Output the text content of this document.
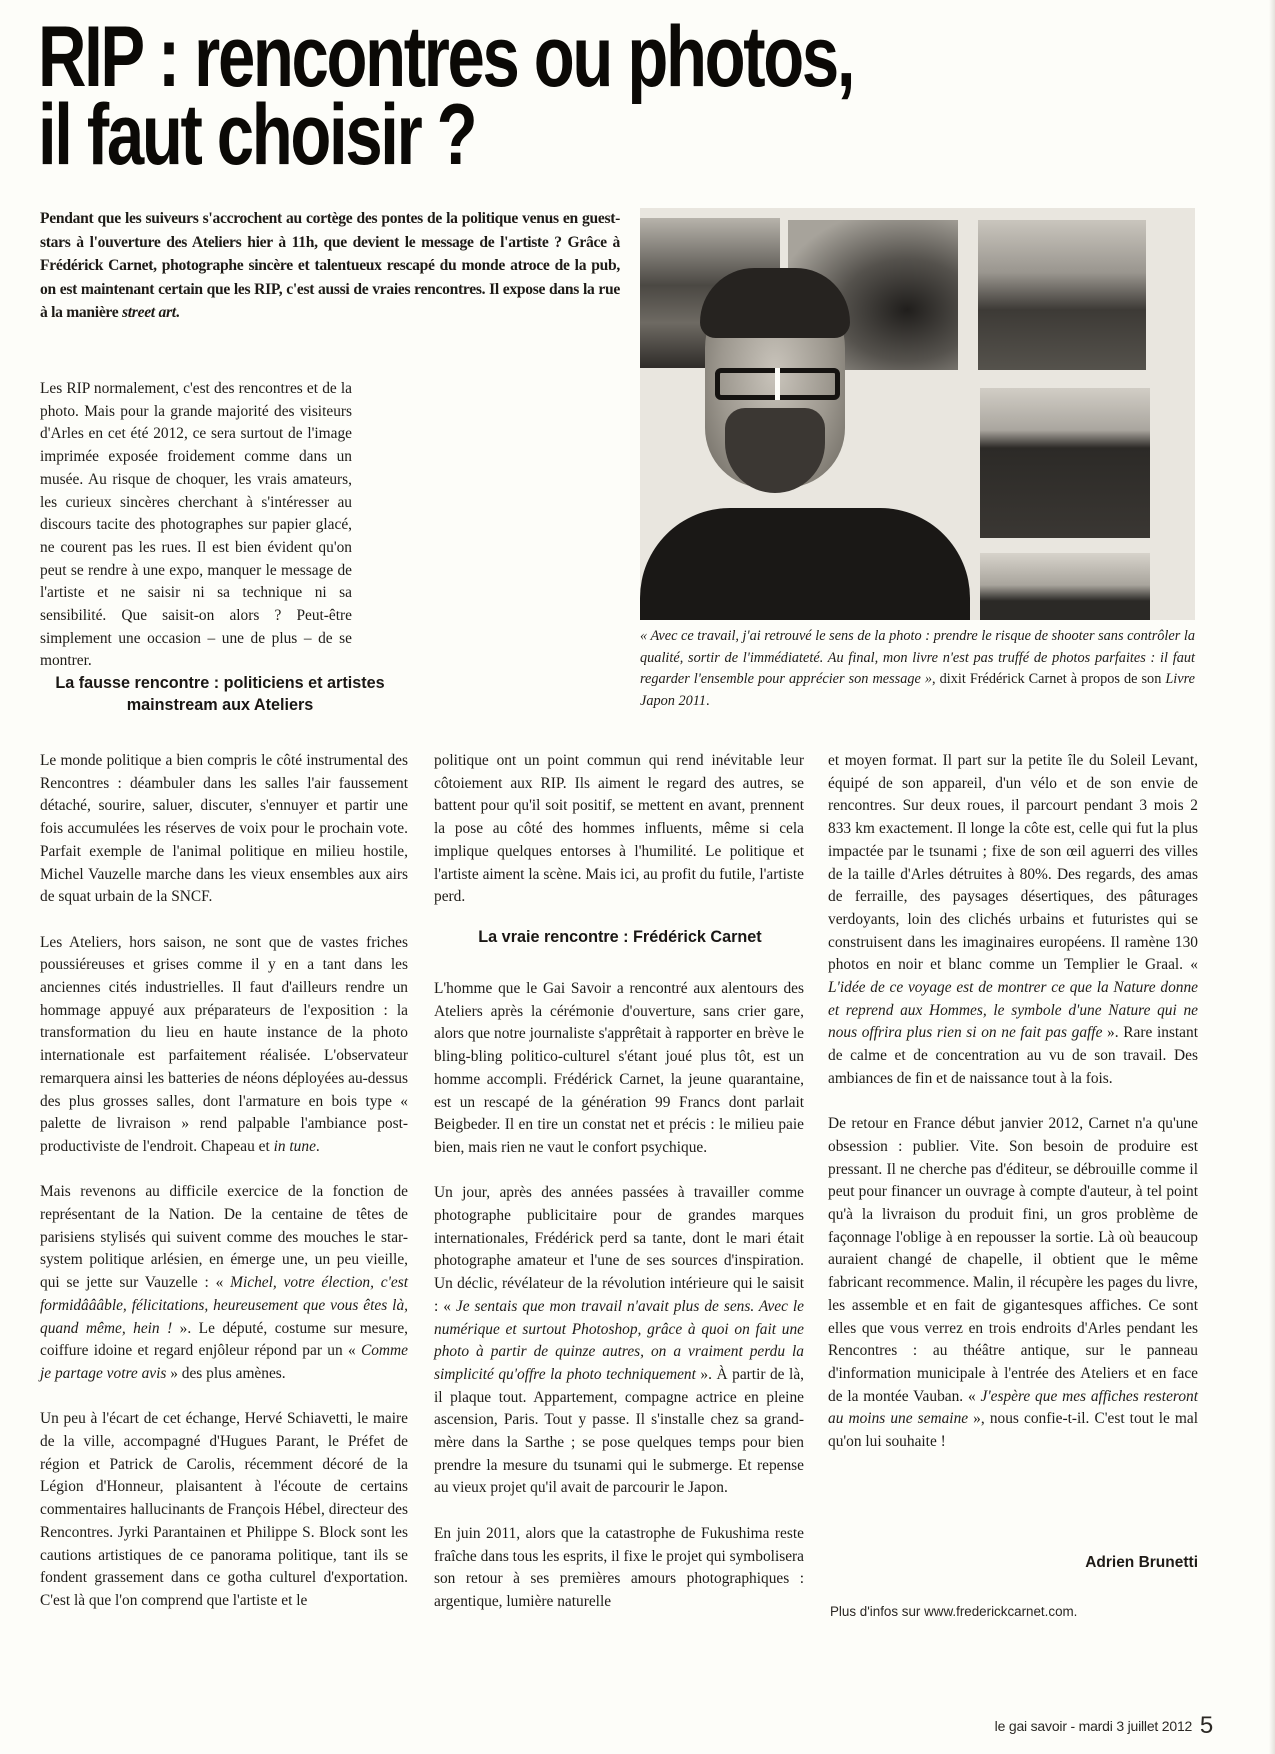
RIP : rencontres ou photos,
il faut choisir ?

Pendant que les suiveurs s'accrochent au cortège des pontes de la politique venus en guest-stars à l'ouverture des Ateliers hier à 11h, que devient le message de l'artiste ? Grâce à Frédérick Carnet, photographe sincère et talentueux rescapé du monde atroce de la pub, on est maintenant certain que les RIP, c'est aussi de vraies rencontres. Il expose dans la rue à la manière street art.

Les RIP normalement, c'est des rencontres et de la photo. Mais pour la grande majorité des visiteurs d'Arles en cet été 2012, ce sera surtout de l'image imprimée exposée froidement comme dans un musée. Au risque de choquer, les vrais amateurs, les curieux sincères cherchant à s'intéresser au discours tacite des photographes sur papier glacé, ne courent pas les rues. Il est bien évident qu'on peut se rendre à une expo, manquer le message de l'artiste et ne saisir ni sa technique ni sa sensibilité. Que saisit-on alors ? Peut-être simplement une occasion – une de plus – de se montrer.

« Avec ce travail, j'ai retrouvé le sens de la photo : prendre le risque de shooter sans contrôler la qualité, sortir de l'immédiateté. Au final, mon livre n'est pas truffé de photos parfaites : il faut regarder l'ensemble pour apprécier son message », dixit Frédérick Carnet à propos de son Livre Japon 2011.

La fausse rencontre : politiciens et artistes mainstream aux Ateliers

Le monde politique a bien compris le côté instrumental des Rencontres : déambuler dans les salles l'air faussement détaché, sourire, saluer, discuter, s'ennuyer et partir une fois accumulées les réserves de voix pour le prochain vote. Parfait exemple de l'animal politique en milieu hostile, Michel Vauzelle marche dans les vieux ensembles aux airs de squat urbain de la SNCF.

Les Ateliers, hors saison, ne sont que de vastes friches poussiéreuses et grises comme il y en a tant dans les anciennes cités industrielles. Il faut d'ailleurs rendre un hommage appuyé aux préparateurs de l'exposition : la transformation du lieu en haute instance de la photo internationale est parfaitement réalisée. L'observateur remarquera ainsi les batteries de néons déployées au-dessus des plus grosses salles, dont l'armature en bois type « palette de livraison » rend palpable l'ambiance post-productiviste de l'endroit. Chapeau et in tune.

Mais revenons au difficile exercice de la fonction de représentant de la Nation. De la centaine de têtes de parisiens stylisés qui suivent comme des mouches le star-system politique arlésien, en émerge une, un peu vieille, qui se jette sur Vauzelle : « Michel, votre élection, c'est formidâââble, félicitations, heureusement que vous êtes là, quand même, hein ! ». Le député, costume sur mesure, coiffure idoine et regard enjôleur répond par un « Comme je partage votre avis » des plus amènes.

Un peu à l'écart de cet échange, Hervé Schiavetti, le maire de la ville, accompagné d'Hugues Parant, le Préfet de région et Patrick de Carolis, récemment décoré de la Légion d'Honneur, plaisantent à l'écoute de certains commentaires hallucinants de François Hébel, directeur des Rencontres. Jyrki Parantainen et Philippe S. Block sont les cautions artistiques de ce panorama politique, tant ils se fondent grassement dans ce gotha culturel d'exportation. C'est là que l'on comprend que l'artiste et le

politique ont un point commun qui rend inévitable leur côtoiement aux RIP. Ils aiment le regard des autres, se battent pour qu'il soit positif, se mettent en avant, prennent la pose au côté des hommes influents, même si cela implique quelques entorses à l'humilité. Le politique et l'artiste aiment la scène. Mais ici, au profit du futile, l'artiste perd.

La vraie rencontre : Frédérick Carnet

L'homme que le Gai Savoir a rencontré aux alentours des Ateliers après la cérémonie d'ouverture, sans crier gare, alors que notre journaliste s'apprêtait à rapporter en brève le bling-bling politico-culturel s'étant joué plus tôt, est un homme accompli. Frédérick Carnet, la jeune quarantaine, est un rescapé de la génération 99 Francs dont parlait Beigbeder. Il en tire un constat net et précis : le milieu paie bien, mais rien ne vaut le confort psychique.

Un jour, après des années passées à travailler comme photographe publicitaire pour de grandes marques internationales, Frédérick perd sa tante, dont le mari était photographe amateur et l'une de ses sources d'inspiration. Un déclic, révélateur de la révolution intérieure qui le saisit : « Je sentais que mon travail n'avait plus de sens. Avec le numérique et surtout Photoshop, grâce à quoi on fait une photo à partir de quinze autres, on a vraiment perdu la simplicité qu'offre la photo techniquement ». À partir de là, il plaque tout. Appartement, compagne actrice en pleine ascension, Paris. Tout y passe. Il s'installe chez sa grand-mère dans la Sarthe ; se pose quelques temps pour bien prendre la mesure du tsunami qui le submerge. Et repense au vieux projet qu'il avait de parcourir le Japon.

En juin 2011, alors que la catastrophe de Fukushima reste fraîche dans tous les esprits, il fixe le projet qui symbolisera son retour à ses premières amours photographiques : argentique, lumière naturelle

et moyen format. Il part sur la petite île du Soleil Levant, équipé de son appareil, d'un vélo et de son envie de rencontres. Sur deux roues, il parcourt pendant 3 mois 2 833 km exactement. Il longe la côte est, celle qui fut la plus impactée par le tsunami ; fixe de son œil aguerri des villes de la taille d'Arles détruites à 80%. Des regards, des amas de ferraille, des paysages désertiques, des pâturages verdoyants, loin des clichés urbains et futuristes qui se construisent dans les imaginaires européens. Il ramène 130 photos en noir et blanc comme un Templier le Graal. « L'idée de ce voyage est de montrer ce que la Nature donne et reprend aux Hommes, le symbole d'une Nature qui ne nous offrira plus rien si on ne fait pas gaffe ». Rare instant de calme et de concentration au vu de son travail. Des ambiances de fin et de naissance tout à la fois.

De retour en France début janvier 2012, Carnet n'a qu'une obsession : publier. Vite. Son besoin de produire est pressant. Il ne cherche pas d'éditeur, se débrouille comme il peut pour financer un ouvrage à compte d'auteur, à tel point qu'à la livraison du produit fini, un gros problème de façonnage l'oblige à en repousser la sortie. Là où beaucoup auraient changé de chapelle, il obtient que le même fabricant recommence. Malin, il récupère les pages du livre, les assemble et en fait de gigantesques affiches. Ce sont elles que vous verrez en trois endroits d'Arles pendant les Rencontres : au théâtre antique, sur le panneau d'information municipale à l'entrée des Ateliers et en face de la montée Vauban. « J'espère que mes affiches resteront au moins une semaine », nous confie-t-il. C'est tout le mal qu'on lui souhaite !

Adrien Brunetti
Plus d'infos sur www.frederickcarnet.com.
le gai savoir - mardi 3 juillet 2012 5
